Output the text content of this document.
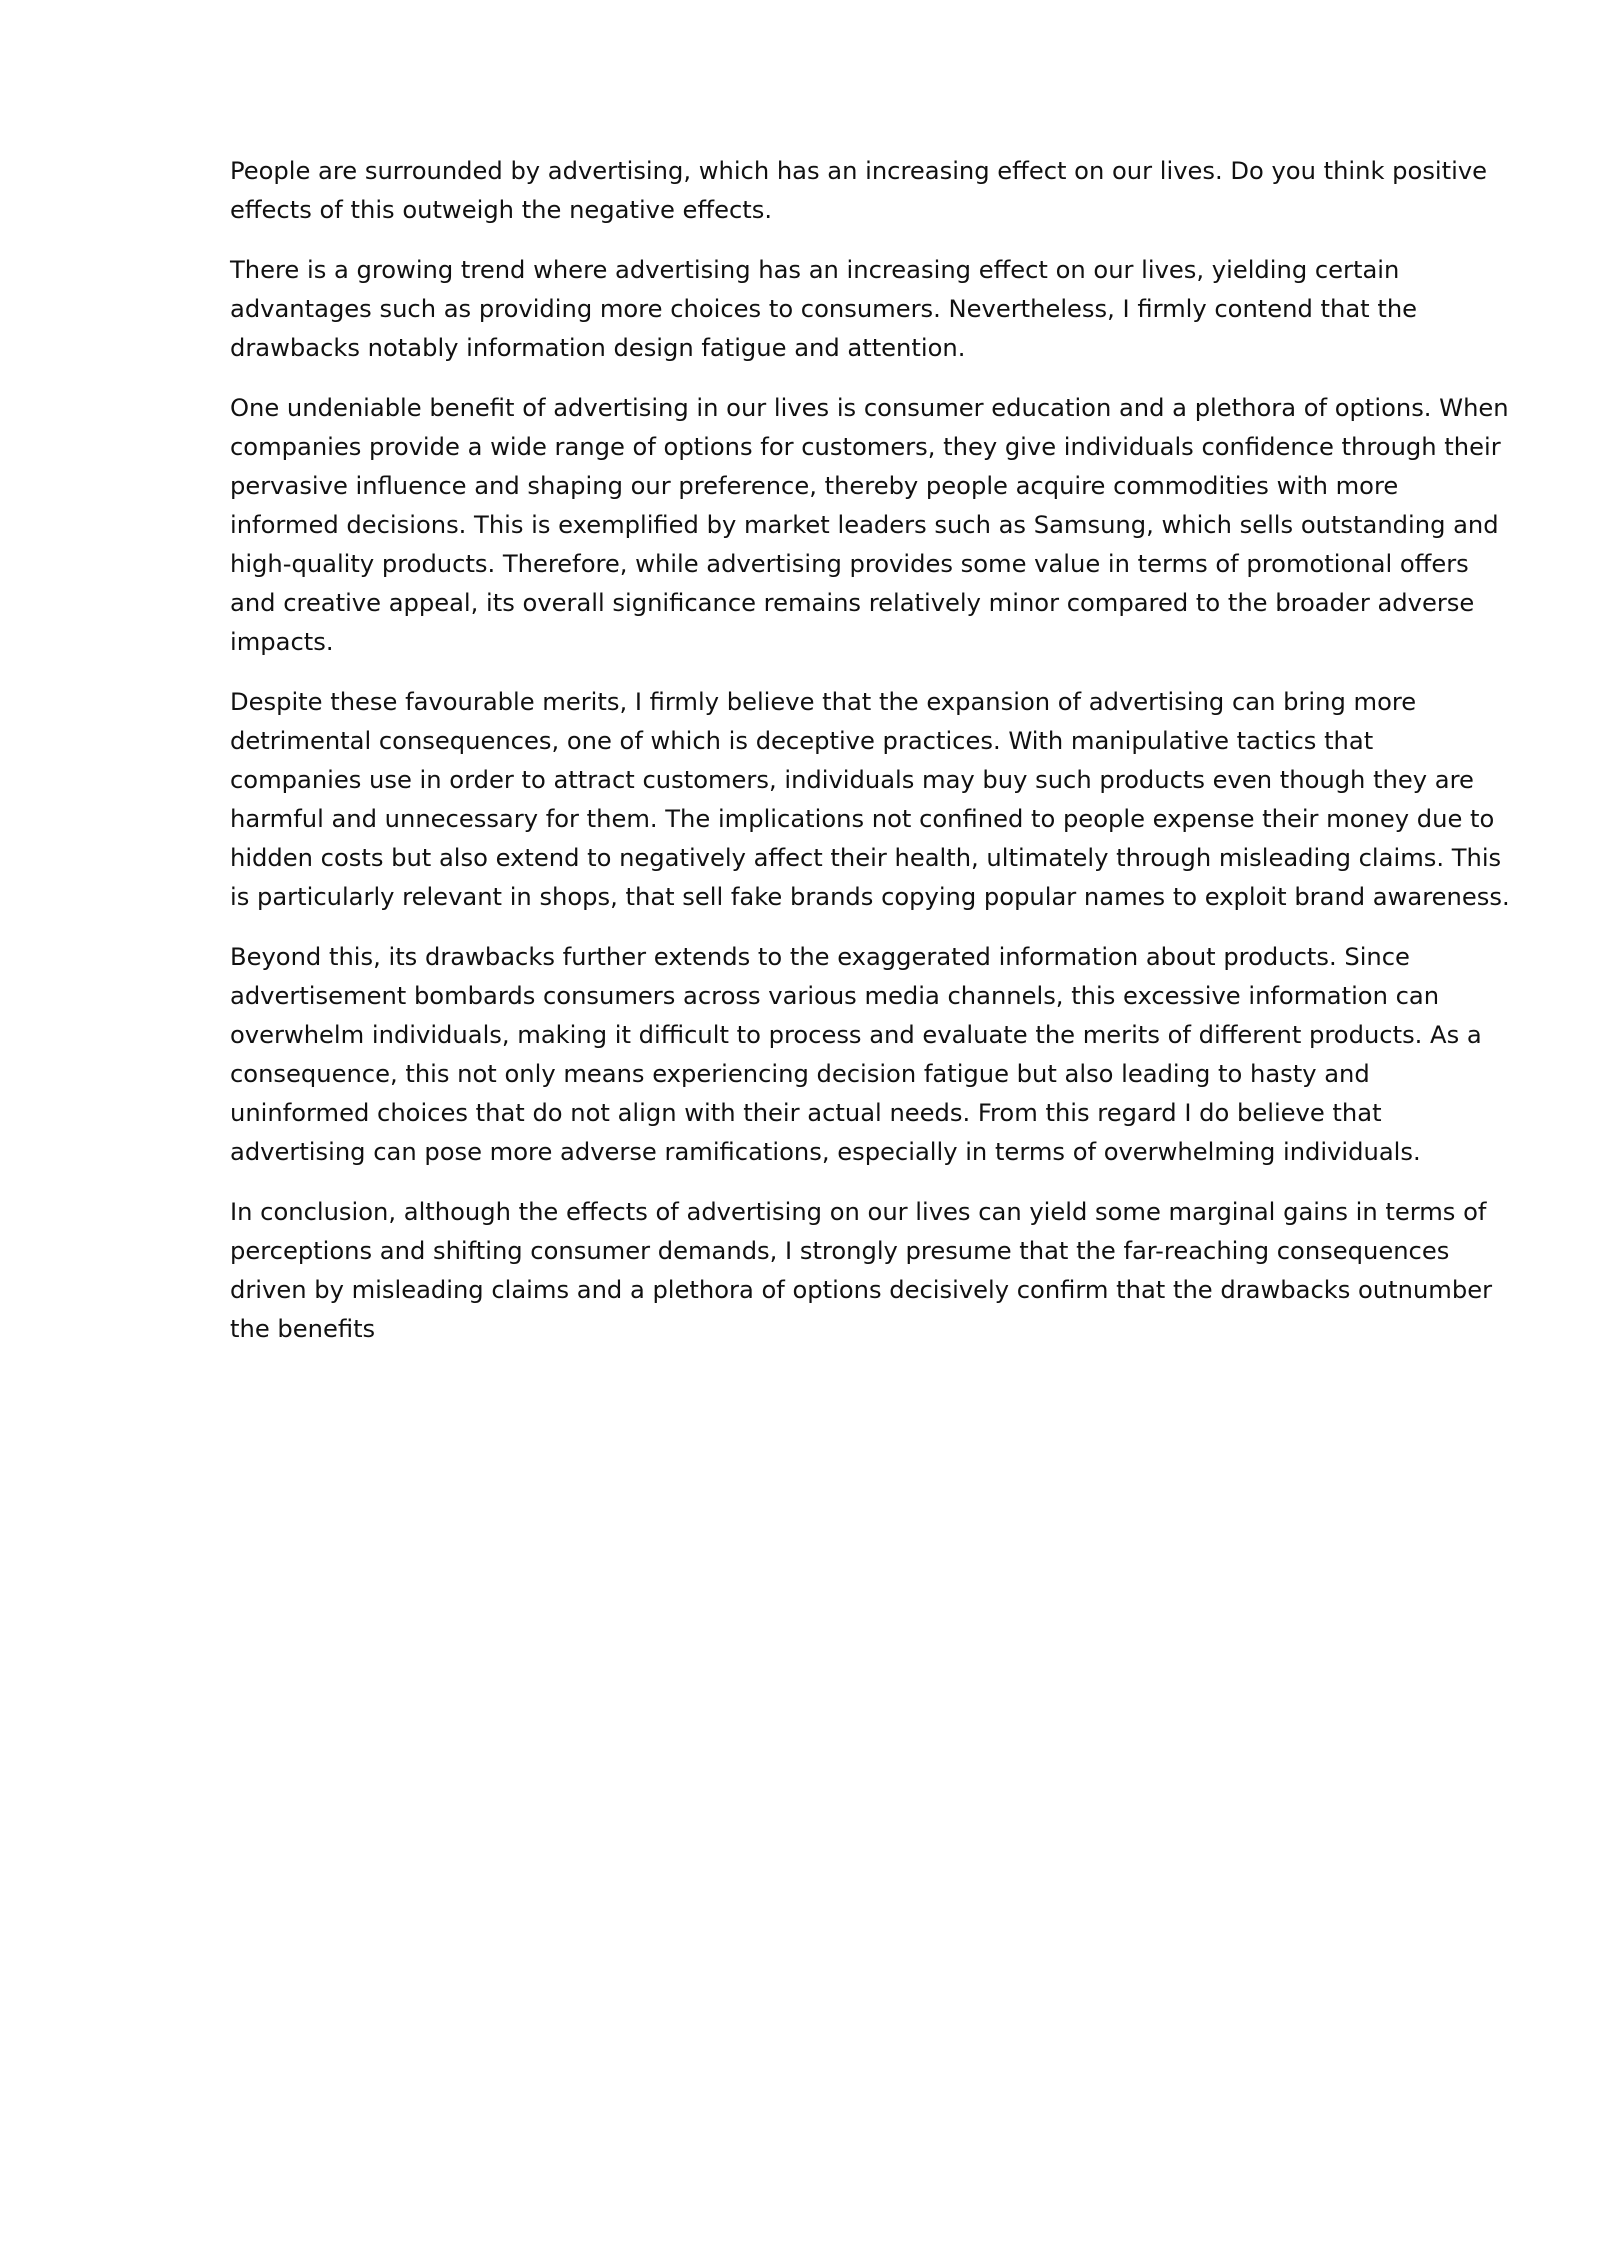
People are surrounded by advertising, which has an increasing effect on our lives. Do you think positive effects of this outweigh the negative effects.

There is a growing trend where advertising has an increasing effect on our lives, yielding certain advantages such as providing more choices to consumers. Nevertheless, I firmly contend that the drawbacks notably information design fatigue and attention.

One undeniable benefit of advertising in our lives is consumer education and a plethora of options. When companies provide a wide range of options for customers, they give individuals confidence through their pervasive influence and shaping our preference, thereby people acquire commodities with more informed decisions. This is exemplified by market leaders such as Samsung, which sells outstanding and high-quality products. Therefore, while advertising provides some value in terms of promotional offers and creative appeal, its overall significance remains relatively minor compared to the broader adverse impacts.

Despite these favourable merits, I firmly believe that the expansion of advertising can bring more detrimental consequences, one of which is deceptive practices. With manipulative tactics that companies use in order to attract customers, individuals may buy such products even though they are harmful and unnecessary for them. The implications not confined to people expense their money due to hidden costs but also extend to negatively affect their health, ultimately through misleading claims. This is particularly relevant in shops, that sell fake brands copying popular names to exploit brand awareness.

Beyond this, its drawbacks further extends to the exaggerated information about products. Since advertisement bombards consumers across various media channels, this excessive information can overwhelm individuals, making it difficult to process and evaluate the merits of different products. As a consequence, this not only means experiencing decision fatigue but also leading to hasty and uninformed choices that do not align with their actual needs. From this regard I do believe that advertising can pose more adverse ramifications, especially in terms of overwhelming individuals.

In conclusion, although the effects of advertising on our lives can yield some marginal gains in terms of perceptions and shifting consumer demands, I strongly presume that the far-reaching consequences driven by misleading claims and a plethora of options decisively confirm that the drawbacks outnumber the benefits
